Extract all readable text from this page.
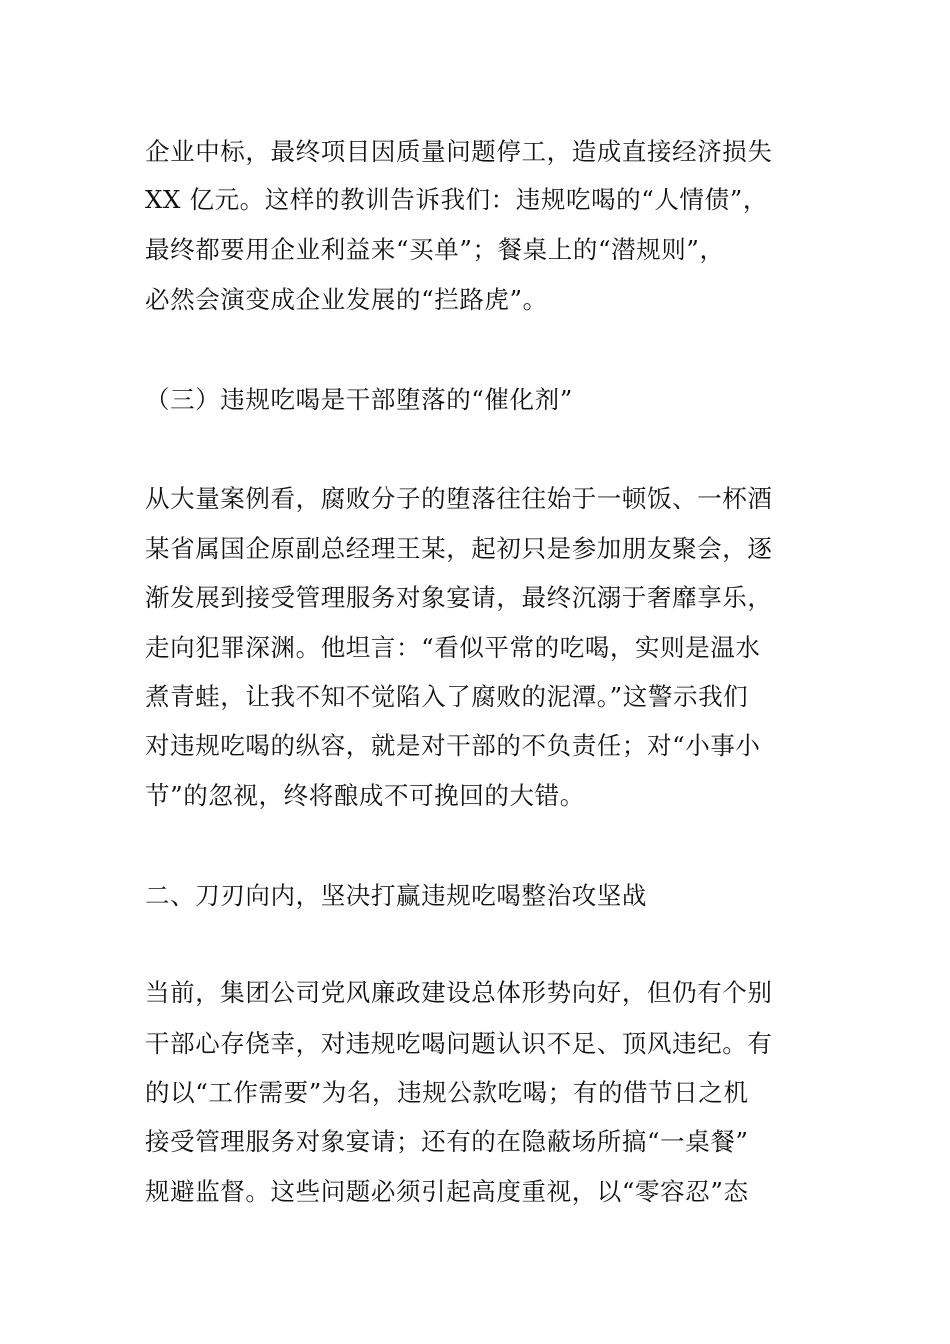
企业中标，最终项目因质量问题停工，造成直接经济损失
XX 亿元。这样的教训告诉我们：违规吃喝的“人情债”，
最终都要用企业利益来“买单”；餐桌上的“潜规则”，
必然会演变成企业发展的“拦路虎”。
（三）违规吃喝是干部堕落的“催化剂”
从大量案例看，腐败分子的堕落往往始于一顿饭、一杯酒
某省属国企原副总经理王某，起初只是参加朋友聚会，逐
渐发展到接受管理服务对象宴请，最终沉溺于奢靡享乐，
走向犯罪深渊。他坦言：“看似平常的吃喝，实则是温水
煮青蛙，让我不知不觉陷入了腐败的泥潭。”这警示我们
对违规吃喝的纵容，就是对干部的不负责任；对“小事小
节”的忽视，终将酿成不可挽回的大错。
二、刀刃向内，坚决打赢违规吃喝整治攻坚战
当前，集团公司党风廉政建设总体形势向好，但仍有个别
干部心存侥幸，对违规吃喝问题认识不足、顶风违纪。有
的以“工作需要”为名，违规公款吃喝；有的借节日之机
接受管理服务对象宴请；还有的在隐蔽场所搞“一桌餐”
规避监督。这些问题必须引起高度重视，以“零容忍”态
